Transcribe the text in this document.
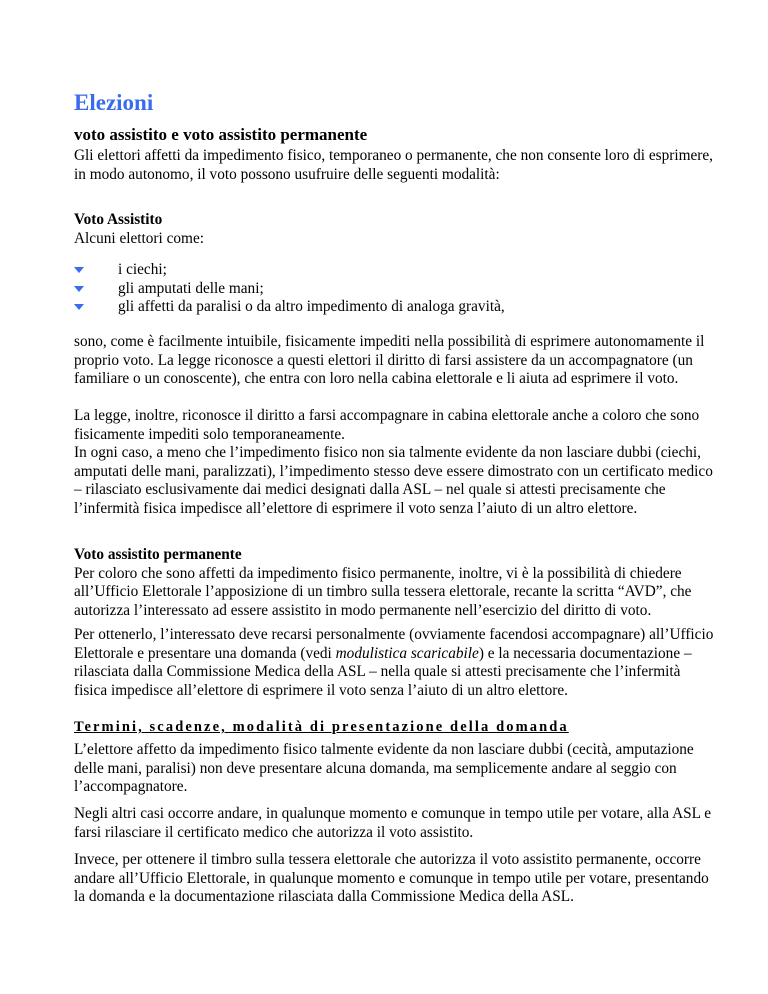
Elezioni
voto assistito e voto assistito permanente

Gli elettori affetti da impedimento fisico, temporaneo o permanente, che non consente loro di esprimere, in modo autonomo, il voto possono usufruire delle seguenti modalità:

Voto Assistito
Alcuni elettori come:
i ciechi;
gli amputati delle mani;
gli affetti da paralisi o da altro impedimento di analoga gravità,

sono, come è facilmente intuibile, fisicamente impediti nella possibilità di esprimere autonomamente il proprio voto. La legge riconosce a questi elettori il diritto di farsi assistere da un accompagnatore (un familiare o un conoscente), che entra con loro nella cabina elettorale e li aiuta ad esprimere il voto.

La legge, inoltre, riconosce il diritto a farsi accompagnare in cabina elettorale anche a coloro che sono fisicamente impediti solo temporaneamente.

In ogni caso, a meno che l’impedimento fisico non sia talmente evidente da non lasciare dubbi (ciechi, amputati delle mani, paralizzati), l’impedimento stesso deve essere dimostrato con un certificato medico – rilasciato esclusivamente dai medici designati dalla ASL – nel quale si attesti precisamente che l’infermità fisica impedisce all’elettore di esprimere il voto senza l’aiuto di un altro elettore.

Voto assistito permanente
Per coloro che sono affetti da impedimento fisico permanente, inoltre, vi è la possibilità di chiedere all’Ufficio Elettorale l’apposizione di un timbro sulla tessera elettorale, recante la scritta “AVD”, che autorizza l’interessato ad essere assistito in modo permanente nell’esercizio del diritto di voto.

Per ottenerlo, l’interessato deve recarsi personalmente (ovviamente facendosi accompagnare) all’Ufficio Elettorale e presentare una domanda (vedi modulistica scaricabile) e la necessaria documentazione – rilasciata dalla Commissione Medica della ASL – nella quale si attesti precisamente che l’infermità fisica impedisce all’elettore di esprimere il voto senza l’aiuto di un altro elettore.

Termini, scadenze, modalità di presentazione della domanda

L’elettore affetto da impedimento fisico talmente evidente da non lasciare dubbi (cecità, amputazione delle mani, paralisi) non deve presentare alcuna domanda, ma semplicemente andare al seggio con l’accompagnatore.

Negli altri casi occorre andare, in qualunque momento e comunque in tempo utile per votare, alla ASL e farsi rilasciare il certificato medico che autorizza il voto assistito.

Invece, per ottenere il timbro sulla tessera elettorale che autorizza il voto assistito permanente, occorre andare all’Ufficio Elettorale, in qualunque momento e comunque in tempo utile per votare, presentando la domanda e la documentazione rilasciata dalla Commissione Medica della ASL.
